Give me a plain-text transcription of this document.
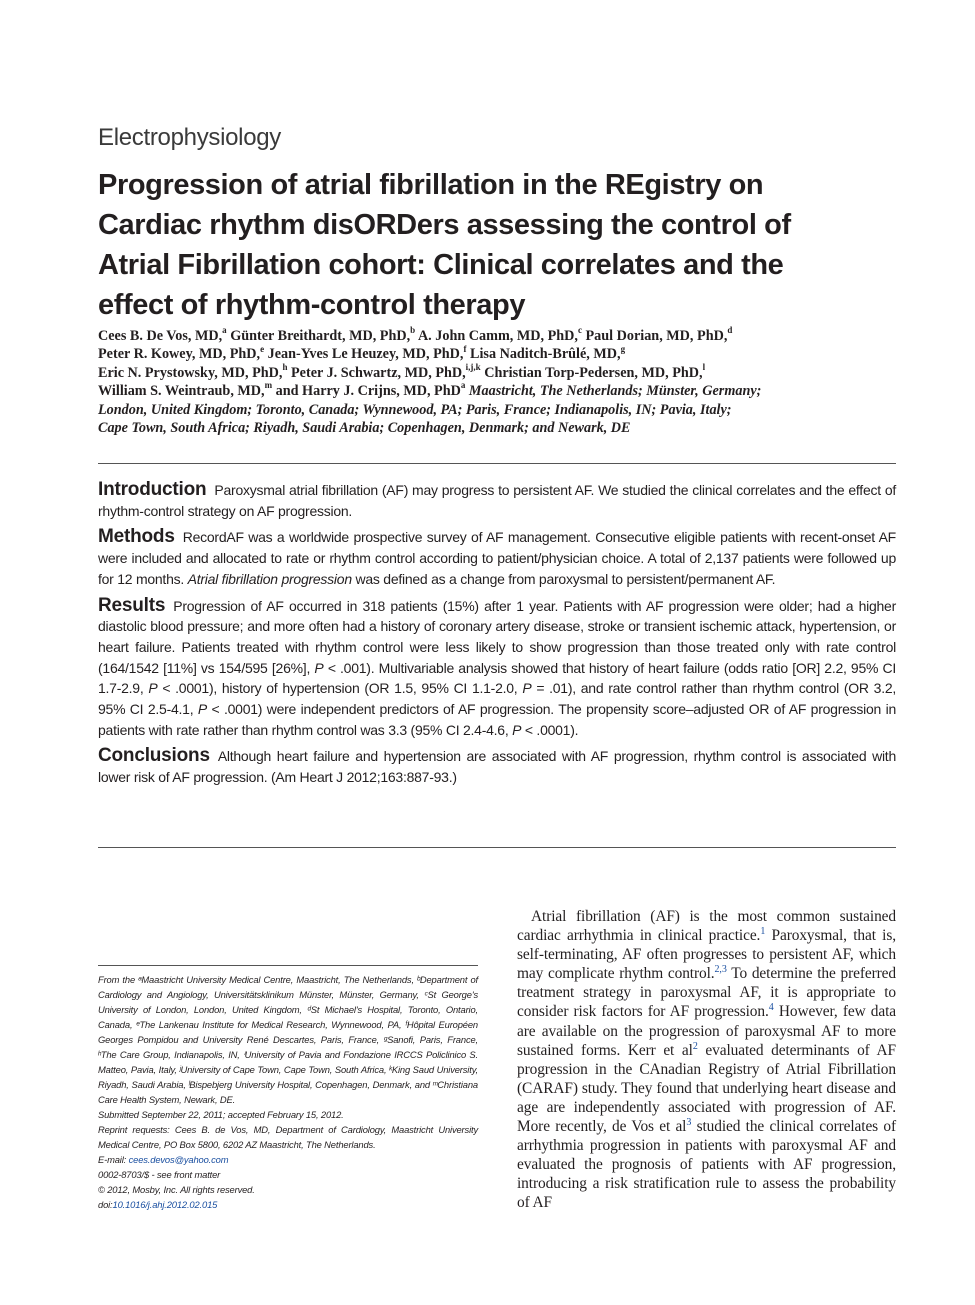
Electrophysiology
Progression of atrial fibrillation in the REgistry on
Cardiac rhythm disORDers assessing the control of
Atrial Fibrillation cohort: Clinical correlates and the
effect of rhythm-control therapy
Cees B. De Vos, MD,$^a$ Günter Breithardt, MD, PhD,$^b$ A. John Camm, MD, PhD,$^c$ Paul Dorian, MD, PhD,$^d$
Peter R. Kowey, MD, PhD,$^e$ Jean-Yves Le Heuzey, MD, PhD,$^f$ Lisa Naditch-Brûlé, MD,$^g$
Eric N. Prystowsky, MD, PhD,$^h$ Peter J. Schwartz, MD, PhD,$^{i,j,k}$ Christian Torp-Pedersen, MD, PhD,$^l$
William S. Weintraub, MD,$^m$ and Harry J. Crijns, MD, PhD$^a$ Maastricht, The Netherlands; Münster, Germany;
London, United Kingdom; Toronto, Canada; Wynnewood, PA; Paris, France; Indianapolis, IN; Pavia, Italy;
Cape Town, South Africa; Riyadh, Saudi Arabia; Copenhagen, Denmark; and Newark, DE

Introduction Paroxysmal atrial fibrillation (AF) may progress to persistent AF. We studied the clinical correlates and the effect of rhythm-control strategy on AF progression.

Methods RecordAF was a worldwide prospective survey of AF management. Consecutive eligible patients with recent-onset AF were included and allocated to rate or rhythm control according to patient/physician choice. A total of 2,137 patients were followed up for 12 months. Atrial fibrillation progression was defined as a change from paroxysmal to persistent/permanent AF.

Results Progression of AF occurred in 318 patients (15%) after 1 year. Patients with AF progression were older; had a higher diastolic blood pressure; and more often had a history of coronary artery disease, stroke or transient ischemic attack, hypertension, or heart failure. Patients treated with rhythm control were less likely to show progression than those treated only with rate control (164/1542 [11%] vs 154/595 [26%], P < .001). Multivariable analysis showed that history of heart failure (odds ratio [OR] 2.2, 95% CI 1.7-2.9, P < .0001), history of hypertension (OR 1.5, 95% CI 1.1-2.0, P = .01), and rate control rather than rhythm control (OR 3.2, 95% CI 2.5-4.1, P < .0001) were independent predictors of AF progression. The propensity score–adjusted OR of AF progression in patients with rate rather than rhythm control was 3.3 (95% CI 2.4-4.6, P < .0001).

Conclusions Although heart failure and hypertension are associated with AF progression, rhythm control is associated with lower risk of AF progression. (Am Heart J 2012;163:887-93.)

From the ᵃMaastricht University Medical Centre, Maastricht, The Netherlands, ᵇDepartment of Cardiology and Angiology, Universitätsklinikum Münster, Münster, Germany, ᶜSt George's University of London, London, United Kingdom, ᵈSt Michael's Hospital, Toronto, Ontario, Canada, ᵉThe Lankenau Institute for Medical Research, Wynnewood, PA, ᶠHôpital Européen Georges Pompidou and University René Descartes, Paris, France, ᵍSanofi, Paris, France, ʰThe Care Group, Indianapolis, IN, ⁱUniversity of Pavia and Fondazione IRCCS Policlinico S. Matteo, Pavia, Italy, ʲUniversity of Cape Town, Cape Town, South Africa, ᵏKing Saud University, Riyadh, Saudi Arabia, ˡBispebjerg University Hospital, Copenhagen, Denmark, and ᵐChristiana Care Health System, Newark, DE.
Submitted September 22, 2011; accepted February 15, 2012.
Reprint requests: Cees B. de Vos, MD, Department of Cardiology, Maastricht University Medical Centre, PO Box 5800, 6202 AZ Maastricht, The Netherlands.
E-mail: cees.devos@yahoo.com
0002-8703/$ - see front matter
© 2012, Mosby, Inc. All rights reserved.
doi:10.1016/j.ahj.2012.02.015
Atrial fibrillation (AF) is the most common sustained cardiac arrhythmia in clinical practice.$^1$ Paroxysmal, that is, self-terminating, AF often progresses to persistent AF, which may complicate rhythm control.$^{2,3}$ To determine the preferred treatment strategy in paroxysmal AF, it is appropriate to consider risk factors for AF progression.$^4$ However, few data are available on the progression of paroxysmal AF to more sustained forms. Kerr et $al^2$ evaluated determinants of AF progression in the CAnadian Registry of Atrial Fibrillation (CARAF) study. They found that underlying heart disease and age are independently associated with progression of AF. More recently, de Vos et $al^3$ studied the clinical correlates of arrhythmia progression in patients with paroxysmal AF and evaluated the prognosis of patients with AF progression, introducing a risk stratification rule to assess the probability of AF
